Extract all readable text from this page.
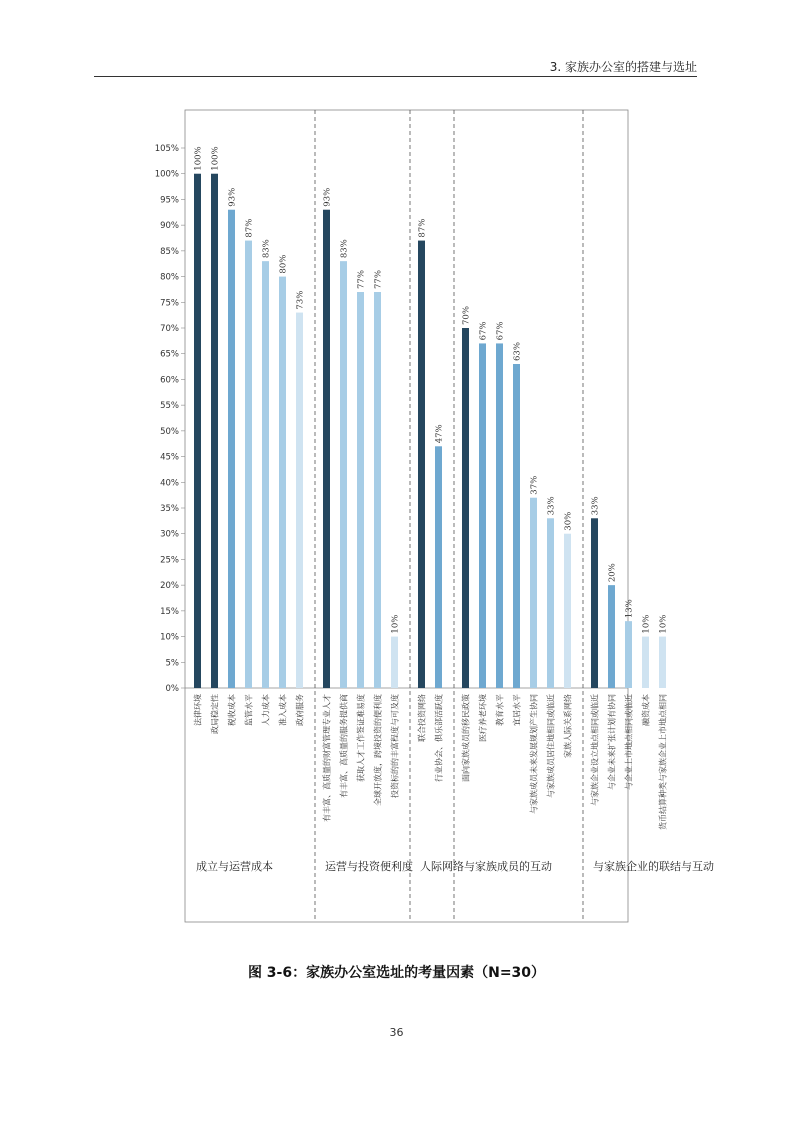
3. 家族办公室的搭建与选址
0%
5%
10%
15%
20%
25%
30%
35%
40%
45%
50%
55%
60%
65%
70%
75%
80%
85%
90%
95%
100%
105% 100%
法律环境
100%
政局稳定性
93%
税收成本
87%
监管水平
83%
人力成本
80%
准入成本
73%
政府服务
成立与运营成本
93%
有丰富、高质量的财富管理专业人才
83%
有丰富、高质量的服务提供商
77%
获取人才工作签证难易度
77%
全球开放度，跨境投资的便利度
10%
投资标的的丰富程度与可及度
运营与投资便利度
87%
联合投资网络
47%
行业协会、俱乐部活跃度
人际网络
70%
面向家族成员的移民政策
67%
医疗养老环境
67%
教育水平
63%
宜居水平
37%
与家族成员未来发展规划产生协同
33%
与家族成员居住地相同或临近
30%
家族人际关系网络
与家族成员的互动
33%
与家族企业设立地点相同或临近
20%
与企业未来扩张计划有协同
13%
与企业上市地点相同或临近
10%
融资成本
10%
货币结算种类与家族企业上市地点相同
与家族企业的联结与互动
图 3-6：家族办公室选址的考量因素（N=30）
36
